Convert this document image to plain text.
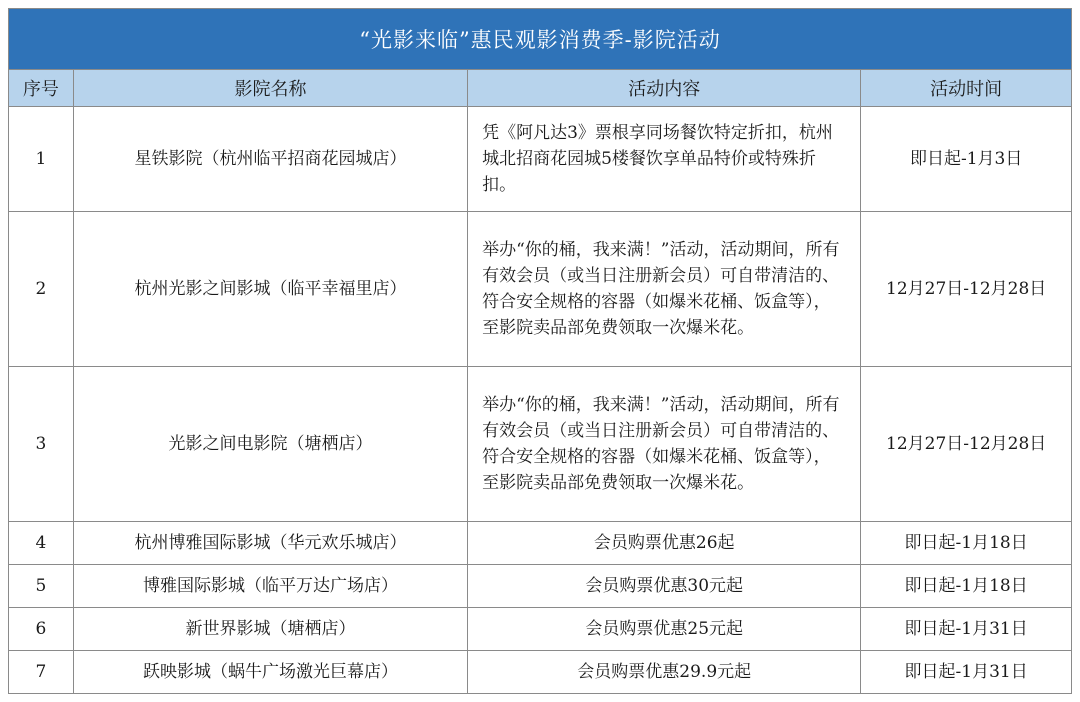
“光影来临”惠民观影消费季-影院活动			
序号	影院名称	活动内容	活动时间
1	星铁影院（杭州临平招商花园城店）	凭《阿凡达3》票根享同场餐饮特定折扣，杭州城北招商花园城5楼餐饮享单品特价或特殊折扣。	即日起-1月3日
2	杭州光影之间影城（临平幸福里店）	举办“你的桶，我来满！”活动，活动期间，所有有效会员（或当日注册新会员）可自带清洁的、符合安全规格的容器（如爆米花桶、饭盒等），至影院卖品部免费领取一次爆米花。	12月27日-12月28日
3	光影之间电影院（塘栖店）	举办“你的桶，我来满！”活动，活动期间，所有有效会员（或当日注册新会员）可自带清洁的、符合安全规格的容器（如爆米花桶、饭盒等），至影院卖品部免费领取一次爆米花。	12月27日-12月28日
4	杭州博雅国际影城（华元欢乐城店）	会员购票优惠26起	即日起-1月18日
5	博雅国际影城（临平万达广场店）	会员购票优惠30元起	即日起-1月18日
6	新世界影城（塘栖店）	会员购票优惠25元起	即日起-1月31日
7	跃映影城（蜗牛广场激光巨幕店）	会员购票优惠29.9元起	即日起-1月31日
